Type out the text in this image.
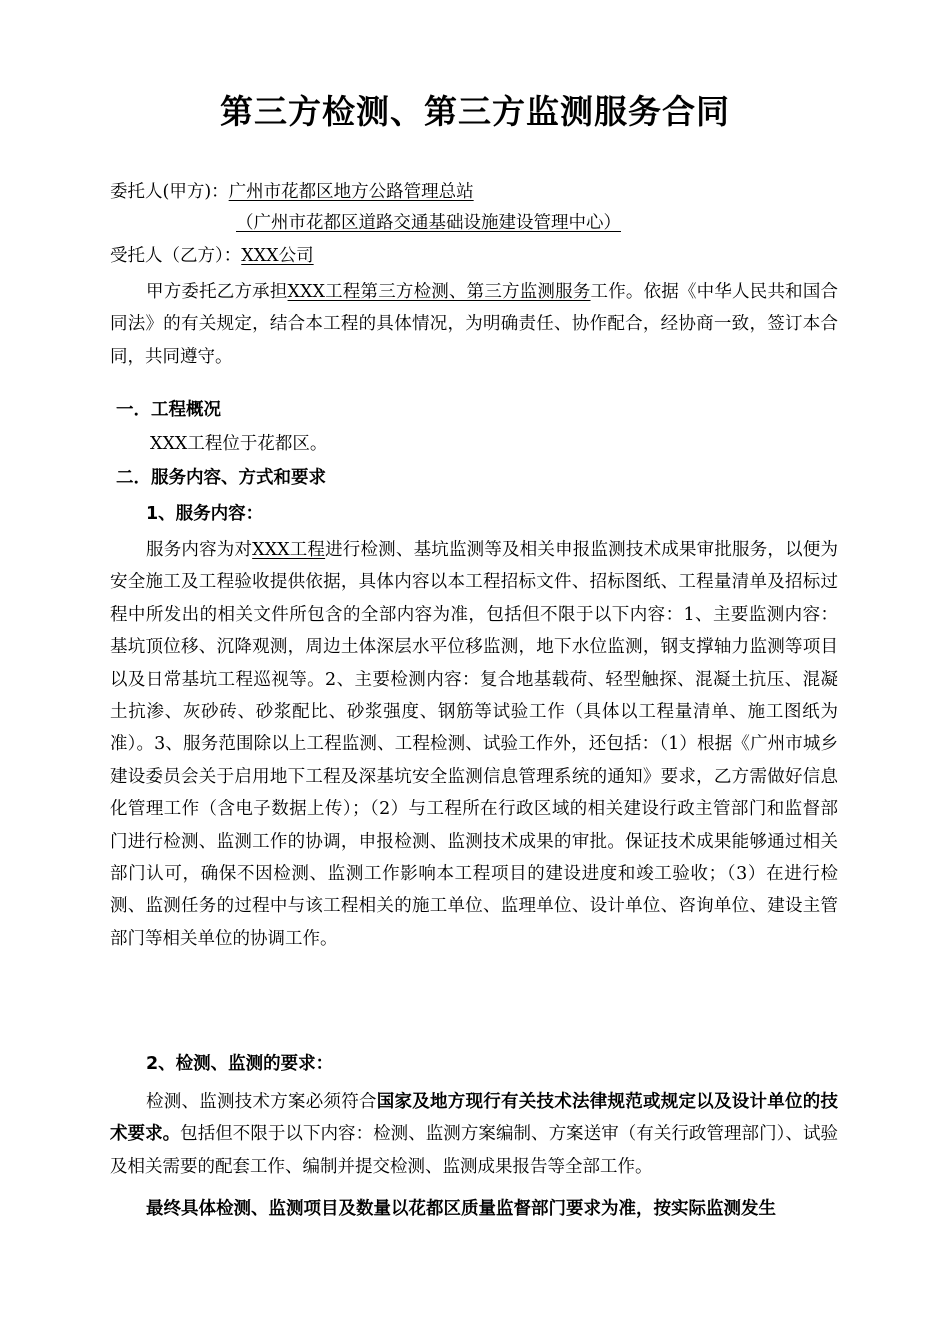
第三方检测、第三方监测服务合同
委托人(甲方)：广州市花都区地方公路管理总站
（广州市花都区道路交通基础设施建设管理中心）
受托人（乙方）：XXX公司

甲方委托乙方承担XXX工程第三方检测、第三方监测服务工作。依据《中华人民共和国合同法》的有关规定，结合本工程的具体情况，为明确责任、协作配合，经协商一致，签订本合同，共同遵守。

一．工程概况
XXX工程位于花都区。
二．服务内容、方式和要求
1、服务内容：

服务内容为对XXX工程进行检测、基坑监测等及相关申报监测技术成果审批服务，以便为安全施工及工程验收提供依据，具体内容以本工程招标文件、招标图纸、工程量清单及招标过程中所发出的相关文件所包含的全部内容为准，包括但不限于以下内容：1、主要监测内容：基坑顶位移、沉降观测，周边土体深层水平位移监测，地下水位监测，钢支撑轴力监测等项目以及日常基坑工程巡视等。2、主要检测内容：复合地基载荷、轻型触探、混凝土抗压、混凝土抗渗、灰砂砖、砂浆配比、砂浆强度、钢筋等试验工作（具体以工程量清单、施工图纸为准）。3、服务范围除以上工程监测、工程检测、试验工作外，还包括：（1）根据《广州市城乡建设委员会关于启用地下工程及深基坑安全监测信息管理系统的通知》要求，乙方需做好信息化管理工作（含电子数据上传）；（2）与工程所在行政区域的相关建设行政主管部门和监督部门进行检测、监测工作的协调，申报检测、监测技术成果的审批。保证技术成果能够通过相关部门认可，确保不因检测、监测工作影响本工程项目的建设进度和竣工验收；（3）在进行检测、监测任务的过程中与该工程相关的施工单位、监理单位、设计单位、咨询单位、建设主管部门等相关单位的协调工作。

2、检测、监测的要求：

检测、监测技术方案必须符合国家及地方现行有关技术法律规范或规定以及设计单位的技术要求。包括但不限于以下内容：检测、监测方案编制、方案送审（有关行政管理部门）、试验及相关需要的配套工作、编制并提交检测、监测成果报告等全部工作。

最终具体检测、监测项目及数量以花都区质量监督部门要求为准，按实际监测发生
